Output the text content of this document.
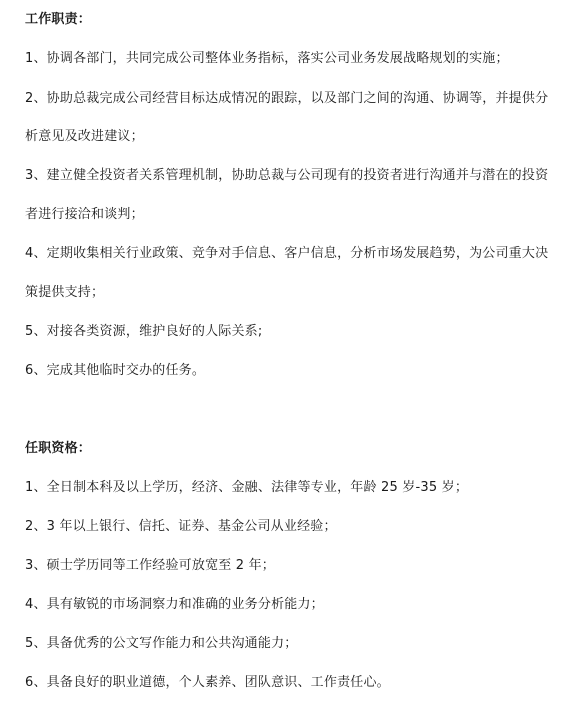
工作职责：
1、协调各部门，共同完成公司整体业务指标，落实公司业务发展战略规划的实施；
2、协助总裁完成公司经营目标达成情况的跟踪，以及部门之间的沟通、协调等，并提供分
析意见及改进建议；
3、建立健全投资者关系管理机制，协助总裁与公司现有的投资者进行沟通并与潜在的投资
者进行接洽和谈判；
4、定期收集相关行业政策、竞争对手信息、客户信息，分析市场发展趋势，为公司重大决
策提供支持；
5、对接各类资源，维护良好的人际关系;
6、完成其他临时交办的任务。
任职资格：
1、全日制本科及以上学历，经济、金融、法律等专业，年龄 25 岁-35 岁；
2、3 年以上银行、信托、证券、基金公司从业经验；
3、硕士学历同等工作经验可放宽至 2 年；
4、具有敏锐的市场洞察力和准确的业务分析能力；
5、具备优秀的公文写作能力和公共沟通能力；
6、具备良好的职业道德，个人素养、团队意识、工作责任心。
